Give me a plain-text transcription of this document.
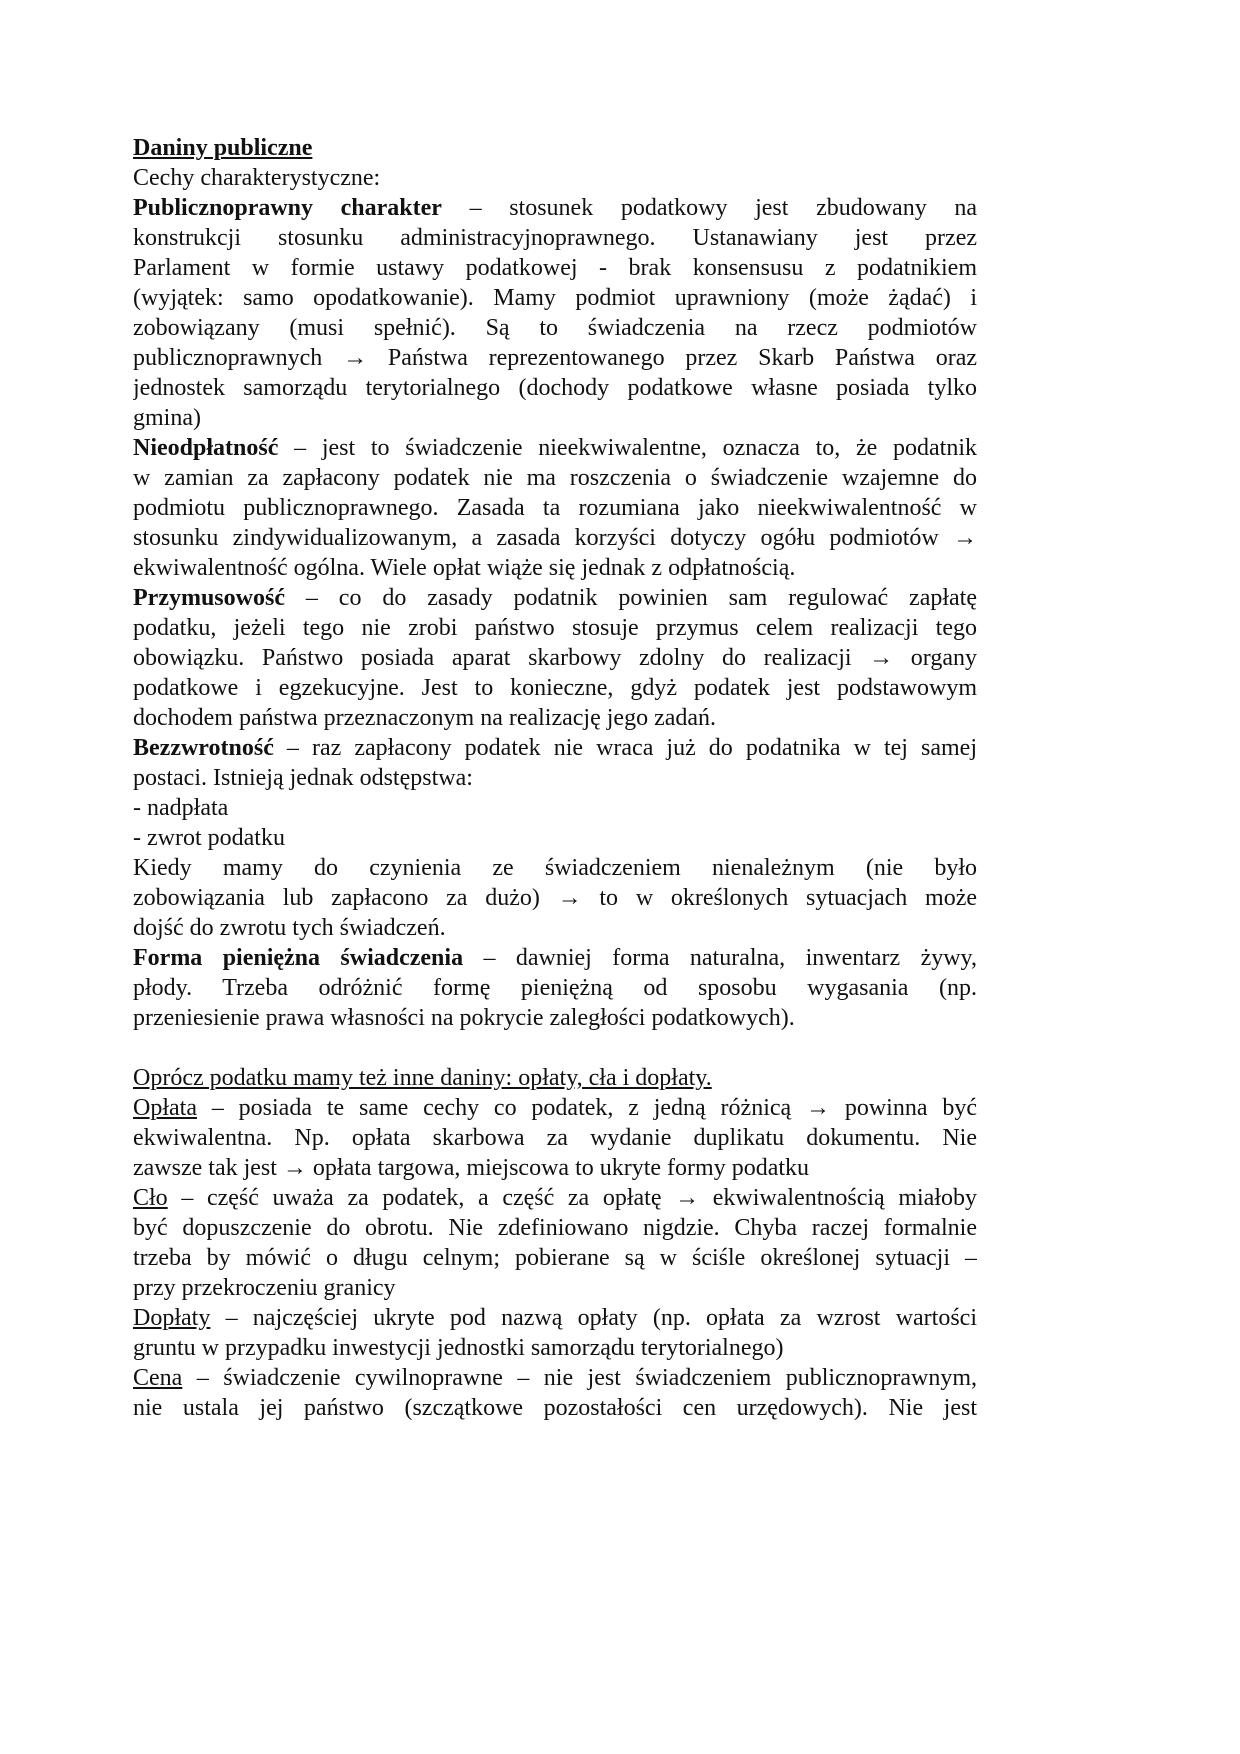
Daniny publiczne
Cechy charakterystyczne:
Publicznoprawny charakter – stosunek podatkowy jest zbudowany na
konstrukcji stosunku administracyjnoprawnego. Ustanawiany jest przez
Parlament w formie ustawy podatkowej - brak konsensusu z podatnikiem
(wyjątek: samo opodatkowanie). Mamy podmiot uprawniony (może żądać) i
zobowiązany (musi spełnić). Są to świadczenia na rzecz podmiotów
publicznoprawnych → Państwa reprezentowanego przez Skarb Państwa oraz
jednostek samorządu terytorialnego (dochody podatkowe własne posiada tylko
gmina)
Nieodpłatność – jest to świadczenie nieekwiwalentne, oznacza to, że podatnik
w zamian za zapłacony podatek nie ma roszczenia o świadczenie wzajemne do
podmiotu publicznoprawnego. Zasada ta rozumiana jako nieekwiwalentność w
stosunku zindywidualizowanym, a zasada korzyści dotyczy ogółu podmiotów →
ekwiwalentność ogólna. Wiele opłat wiąże się jednak z odpłatnością.
Przymusowość – co do zasady podatnik powinien sam regulować zapłatę
podatku, jeżeli tego nie zrobi państwo stosuje przymus celem realizacji tego
obowiązku. Państwo posiada aparat skarbowy zdolny do realizacji → organy
podatkowe i egzekucyjne. Jest to konieczne, gdyż podatek jest podstawowym
dochodem państwa przeznaczonym na realizację jego zadań.
Bezzwrotność – raz zapłacony podatek nie wraca już do podatnika w tej samej
postaci. Istnieją jednak odstępstwa:
- nadpłata
- zwrot podatku
Kiedy mamy do czynienia ze świadczeniem nienależnym (nie było
zobowiązania lub zapłacono za dużo) → to w określonych sytuacjach może
dojść do zwrotu tych świadczeń.
Forma pieniężna świadczenia – dawniej forma naturalna, inwentarz żywy,
płody. Trzeba odróżnić formę pieniężną od sposobu wygasania (np.
przeniesienie prawa własności na pokrycie zaległości podatkowych).
Oprócz podatku mamy też inne daniny: opłaty, cła i dopłaty.
Opłata – posiada te same cechy co podatek, z jedną różnicą → powinna być
ekwiwalentna. Np. opłata skarbowa za wydanie duplikatu dokumentu. Nie
zawsze tak jest → opłata targowa, miejscowa to ukryte formy podatku
Cło – część uważa za podatek, a część za opłatę → ekwiwalentnością miałoby
być dopuszczenie do obrotu. Nie zdefiniowano nigdzie. Chyba raczej formalnie
trzeba by mówić o długu celnym; pobierane są w ściśle określonej sytuacji –
przy przekroczeniu granicy
Dopłaty – najczęściej ukryte pod nazwą opłaty (np. opłata za wzrost wartości
gruntu w przypadku inwestycji jednostki samorządu terytorialnego)
Cena – świadczenie cywilnoprawne – nie jest świadczeniem publicznoprawnym,
nie ustala jej państwo (szczątkowe pozostałości cen urzędowych). Nie jest
